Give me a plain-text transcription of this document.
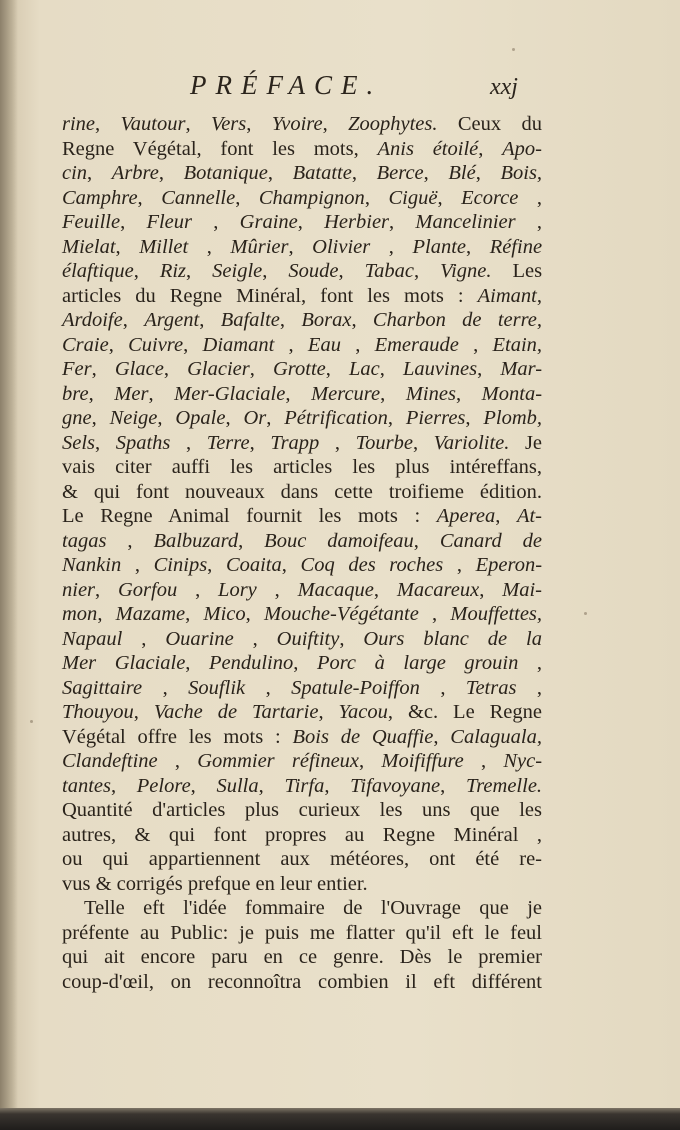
PRÉFACE.	xxj
rine, Vautour, Vers, Yvoire, Zoophytes. Ceux du
Regne Végétal, font les mots, Anis étoilé, Apo-
cin, Arbre, Botanique, Batatte, Berce, Blé, Bois,
Camphre, Cannelle, Champignon, Ciguë, Ecorce ,
Feuille, Fleur , Graine, Herbier, Mancelinier ,
Mielat, Millet , Mûrier, Olivier , Plante, Réfine
élaftique, Riz, Seigle, Soude, Tabac, Vigne. Les
articles du Regne Minéral, font les mots : Aimant,
Ardoife, Argent, Bafalte, Borax, Charbon de terre,
Craie, Cuivre, Diamant , Eau , Emeraude , Etain,
Fer, Glace, Glacier, Grotte, Lac, Lauvines, Mar-
bre, Mer, Mer-Glaciale, Mercure, Mines, Monta-
gne, Neige, Opale, Or, Pétrification, Pierres, Plomb,
Sels, Spaths , Terre, Trapp , Tourbe, Variolite. Je
vais citer auffi les articles les plus intéreffans,
& qui font nouveaux dans cette troifieme édition.
Le Regne Animal fournit les mots : Aperea, At-
tagas , Balbuzard, Bouc damoifeau, Canard de
Nankin , Cinips, Coaita, Coq des roches , Eperon-
nier, Gorfou , Lory , Macaque, Macareux, Mai-
mon, Mazame, Mico, Mouche-Végétante , Mouffettes,
Napaul , Ouarine , Ouiftity, Ours blanc de la
Mer Glaciale, Pendulino, Porc à large grouin ,
Sagittaire , Souflik , Spatule-Poiffon , Tetras ,
Thouyou, Vache de Tartarie, Yacou, &c. Le Regne
Végétal offre les mots : Bois de Quaffie, Calaguala,
Clandeftine , Gommier réfineux, Moififfure , Nyc-
tantes, Pelore, Sulla, Tirfa, Tifavoyane, Tremelle.
Quantité d'articles plus curieux les uns que les
autres, & qui font propres au Regne Minéral ,
ou qui appartiennent aux météores, ont été re-
vus & corrigés prefque en leur entier.
Telle eft l'idée fommaire de l'Ouvrage que je
préfente au Public: je puis me flatter qu'il eft le feul
qui ait encore paru en ce genre. Dès le premier
coup-d'œil, on reconnoîtra combien il eft différent
